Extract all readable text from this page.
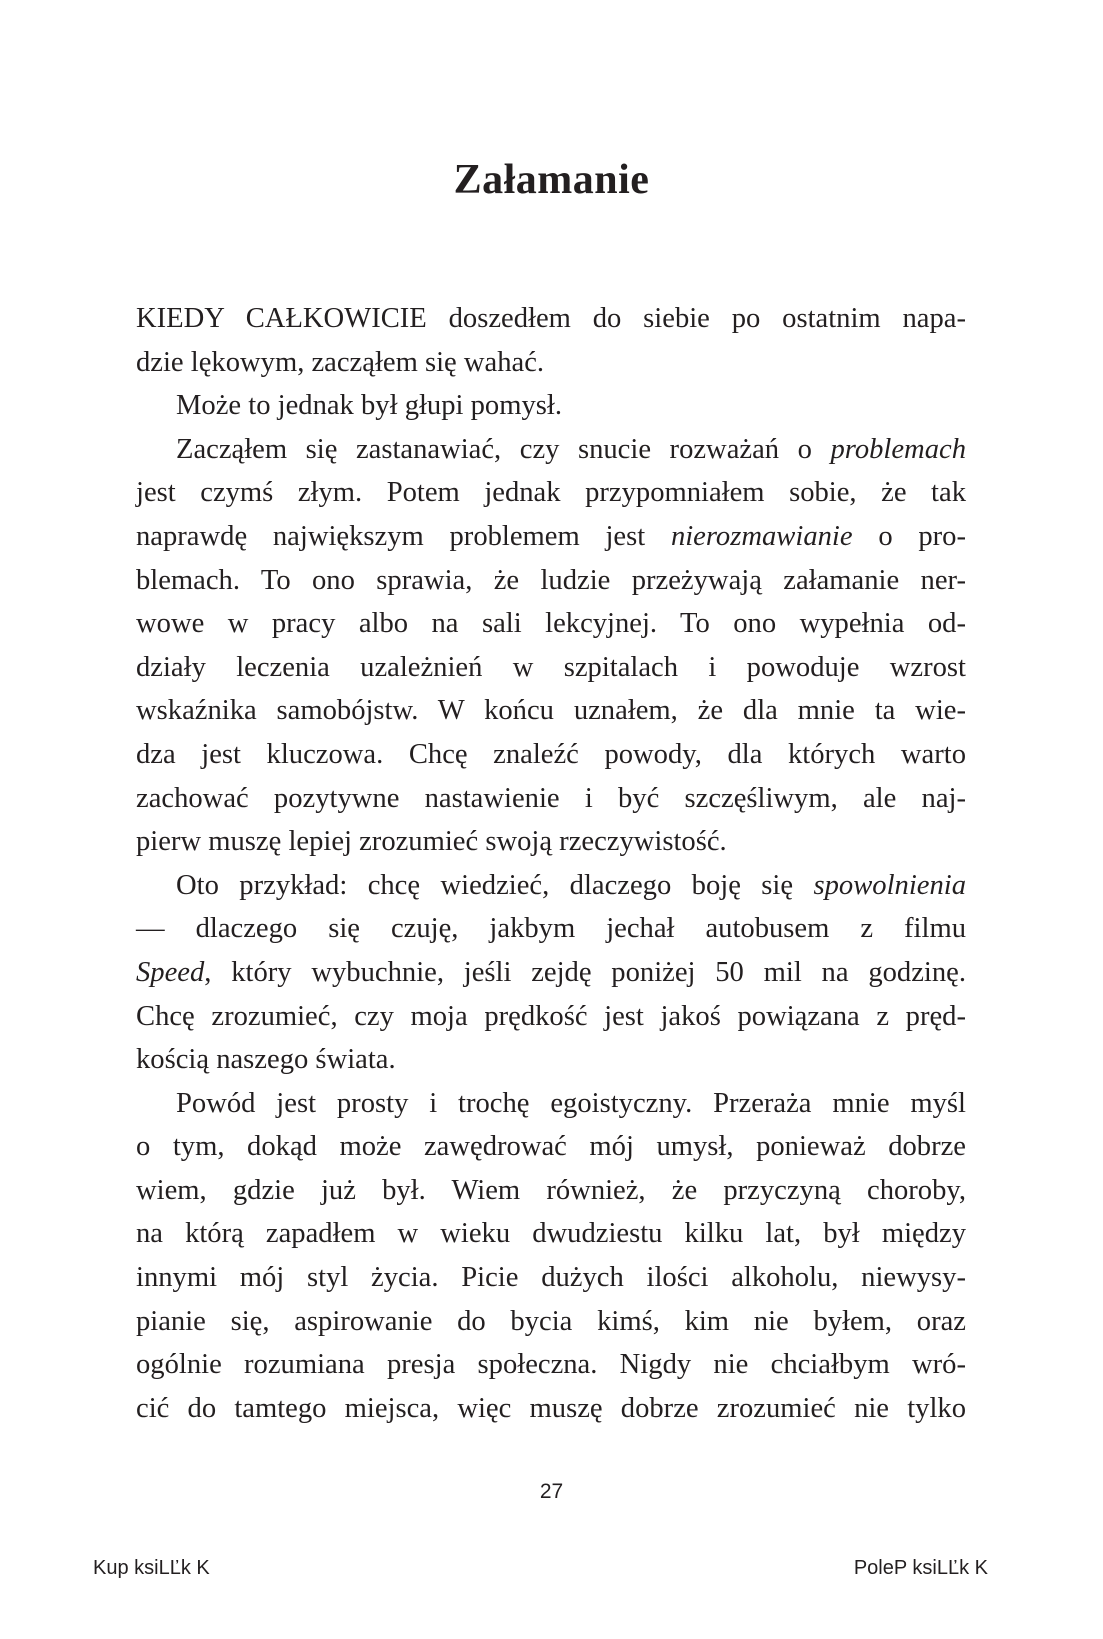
Załamanie
KIEDY CAŁKOWICIE doszedłem do siebie po ostatnim napa-
dzie lękowym, zacząłem się wahać.
Może to jednak był głupi pomysł.
Zacząłem się zastanawiać, czy snucie rozważań o problemach
jest czymś złym. Potem jednak przypomniałem sobie, że tak
naprawdę największym problemem jest nierozmawianie o pro-
blemach. To ono sprawia, że ludzie przeżywają załamanie ner-
wowe w pracy albo na sali lekcyjnej. To ono wypełnia od-
działy leczenia uzależnień w szpitalach i powoduje wzrost
wskaźnika samobójstw. W końcu uznałem, że dla mnie ta wie-
dza jest kluczowa. Chcę znaleźć powody, dla których warto
zachować pozytywne nastawienie i być szczęśliwym, ale naj-
pierw muszę lepiej zrozumieć swoją rzeczywistość.
Oto przykład: chcę wiedzieć, dlaczego boję się spowolnienia
— dlaczego się czuję, jakbym jechał autobusem z filmu
Speed, który wybuchnie, jeśli zejdę poniżej 50 mil na godzinę.
Chcę zrozumieć, czy moja prędkość jest jakoś powiązana z pręd-
kością naszego świata.
Powód jest prosty i trochę egoistyczny. Przeraża mnie myśl
o tym, dokąd może zawędrować mój umysł, ponieważ dobrze
wiem, gdzie już był. Wiem również, że przyczyną choroby,
na którą zapadłem w wieku dwudziestu kilku lat, był między
innymi mój styl życia. Picie dużych ilości alkoholu, niewysy-
pianie się, aspirowanie do bycia kimś, kim nie byłem, oraz
ogólnie rozumiana presja społeczna. Nigdy nie chciałbym wró-
cić do tamtego miejsca, więc muszę dobrze zrozumieć nie tylko
27
Kup ksiLĽk K	PoleP ksiLĽk K
